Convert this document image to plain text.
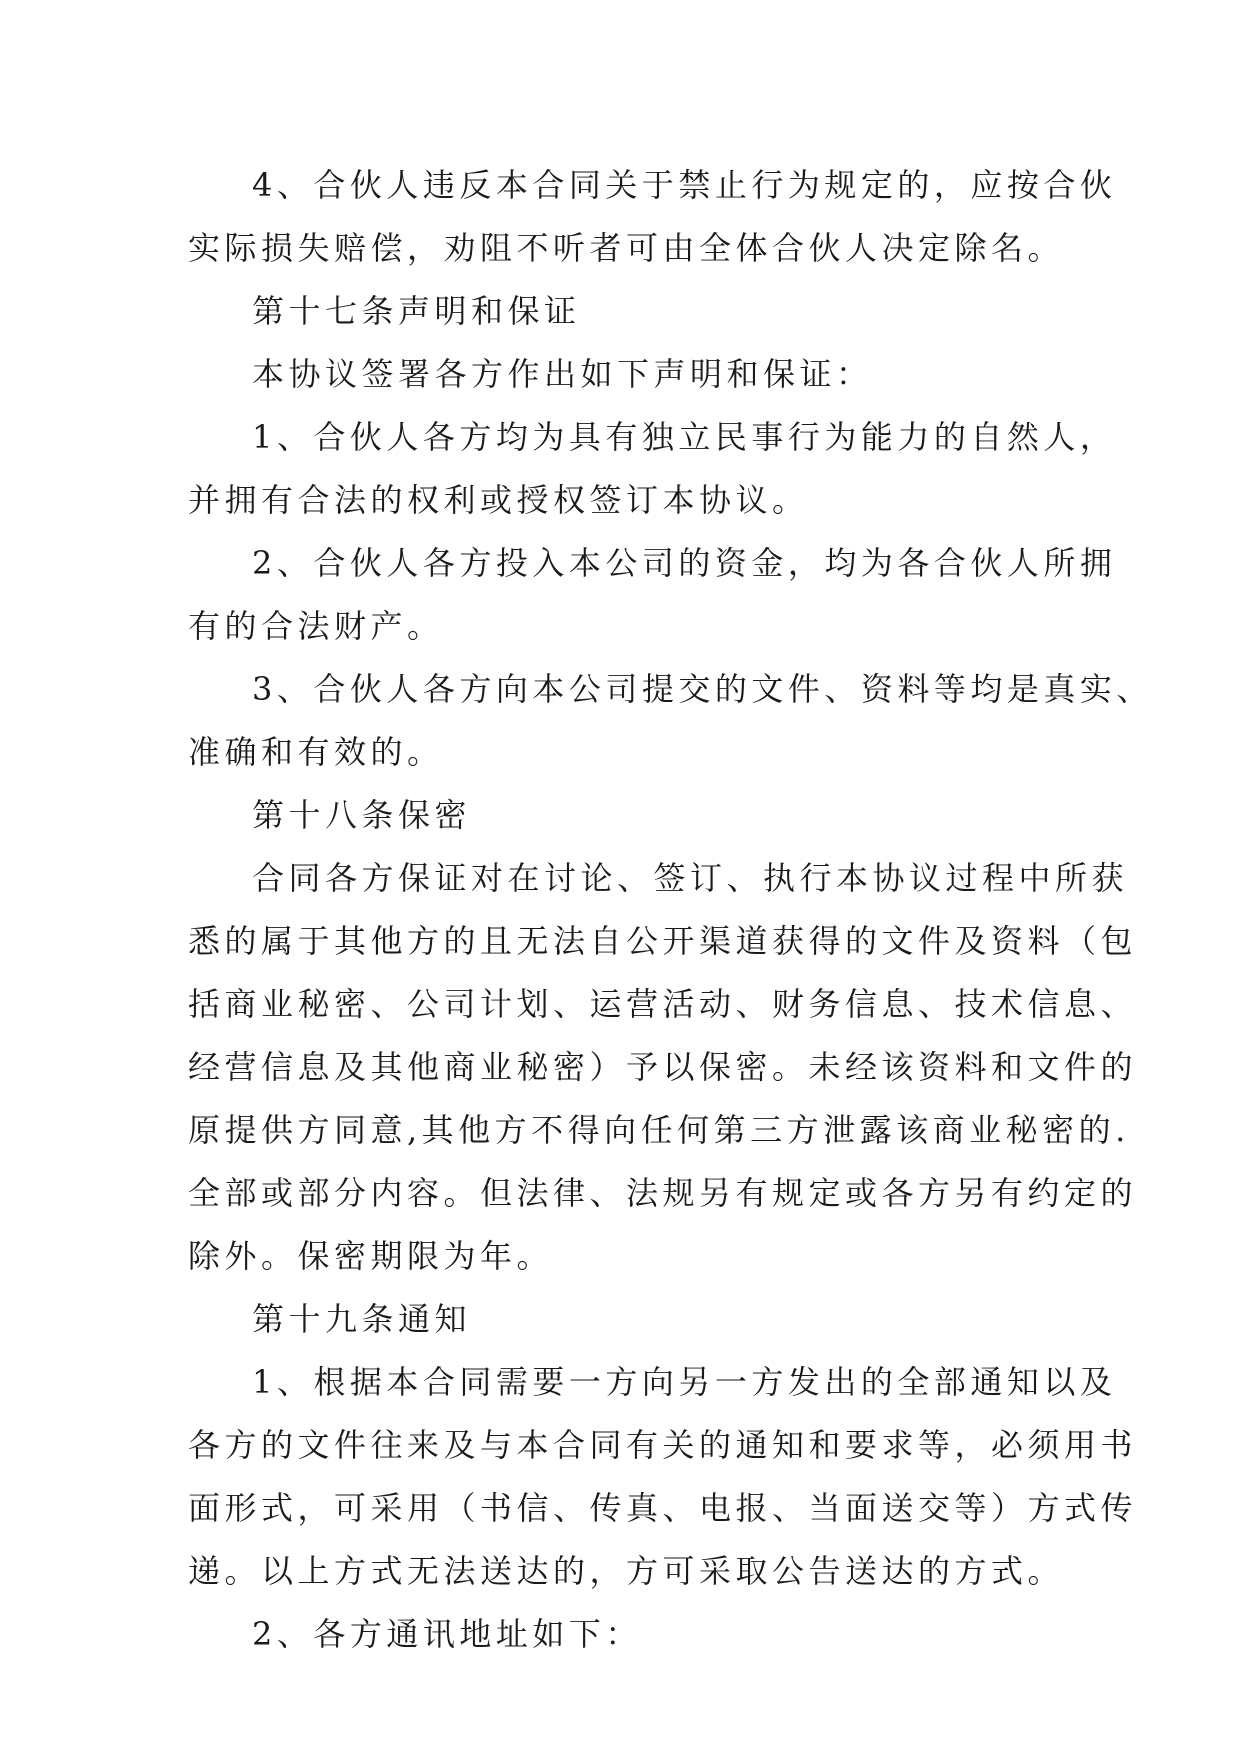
4、合伙人违反本合同关于禁止行为规定的，应按合伙
实际损失赔偿，劝阻不听者可由全体合伙人决定除名。
第十七条声明和保证
本协议签署各方作出如下声明和保证：
1、合伙人各方均为具有独立民事行为能力的自然人，
并拥有合法的权利或授权签订本协议。
2、合伙人各方投入本公司的资金，均为各合伙人所拥
有的合法财产。
3、合伙人各方向本公司提交的文件、资料等均是真实、
准确和有效的。
第十八条保密
合同各方保证对在讨论、签订、执行本协议过程中所获
悉的属于其他方的且无法自公开渠道获得的文件及资料（包
括商业秘密、公司计划、运营活动、财务信息、技术信息、
经营信息及其他商业秘密）予以保密。未经该资料和文件的
原提供方同意,其他方不得向任何第三方泄露该商业秘密的.
全部或部分内容。但法律、法规另有规定或各方另有约定的
除外。保密期限为年。
第十九条通知
1、根据本合同需要一方向另一方发出的全部通知以及
各方的文件往来及与本合同有关的通知和要求等，必须用书
面形式，可采用（书信、传真、电报、当面送交等）方式传
递。以上方式无法送达的，方可采取公告送达的方式。
2、各方通讯地址如下：
